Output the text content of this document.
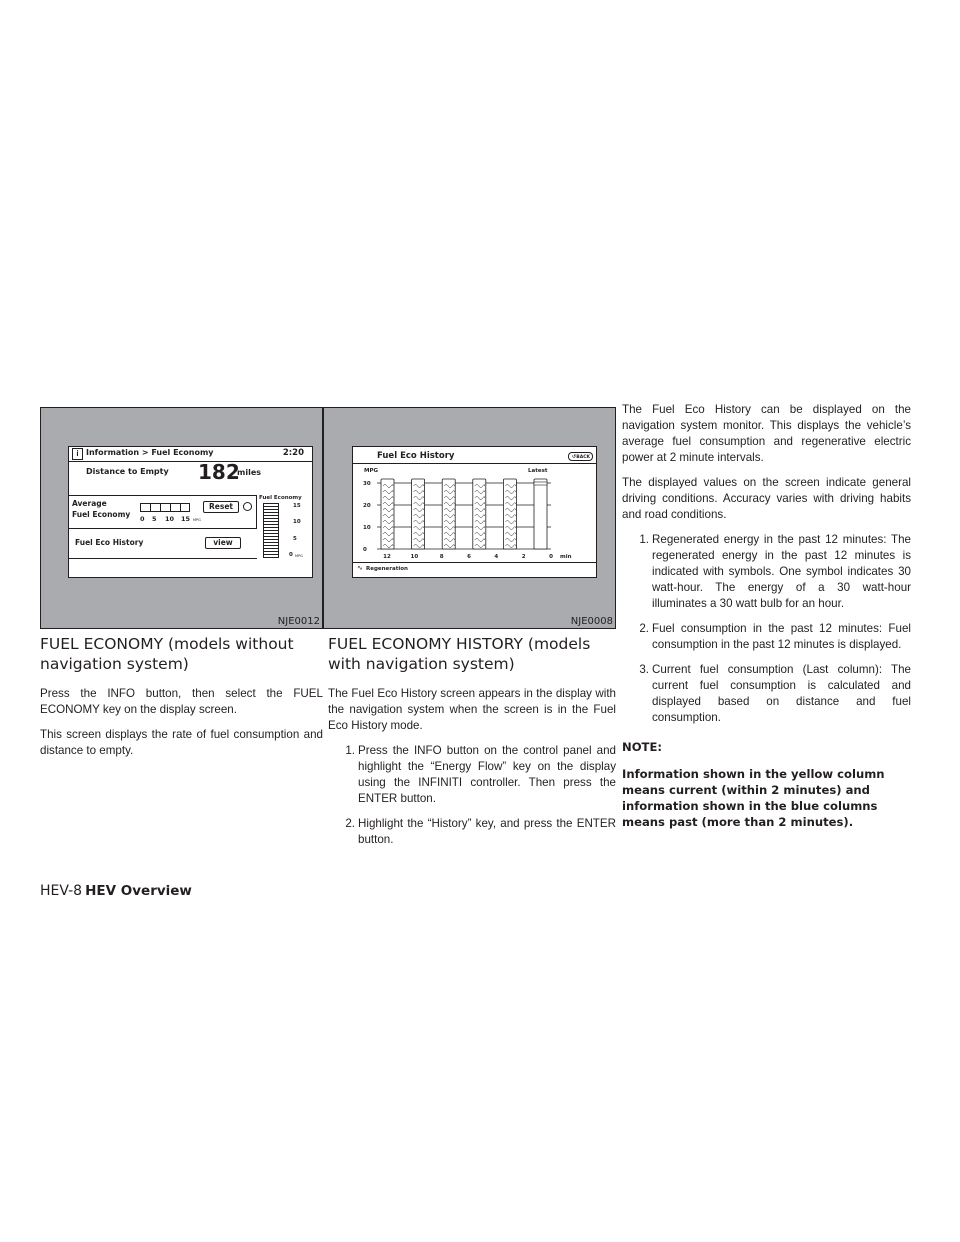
i Information > Fuel Economy	2:20
Distance to Empty 182
miles
Average
Fuel Economy 0 5 10 15 MPG
Reset
Fuel Eco History	view
Fuel Economy
15
10
5
0 MPG
NJE0012
FUEL ECONOMY (models without navigation system)

Press the INFO button, then select the FUEL ECONOMY key on the display screen.

This screen displays the rate of fuel consumption and distance to empty.

Fuel Eco History	↺ BACK
MPG	Latest
30
20
10
0
12	10	8	6	4	2	0 min
∿ Regeneration
NJE0008
FUEL ECONOMY HISTORY (models with navigation system)

The Fuel Eco History screen appears in the display with the navigation system when the screen is in the Fuel Eco History mode.

1. Press the INFO button on the control panel and highlight the “Energy Flow” key on the display using the INFINITI controller. Then press the ENTER button.
2. Highlight the “History” key, and press the ENTER button.

The Fuel Eco History can be displayed on the navigation system monitor. This displays the vehicle’s average fuel consumption and regenerative electric power at 2 minute intervals.

The displayed values on the screen indicate general driving conditions. Accuracy varies with driving habits and road conditions.

1. Regenerated energy in the past 12 minutes: The regenerated energy in the past 12 minutes is indicated with symbols. One symbol indicates 30 watt-hour. The energy of a 30 watt-hour illuminates a 30 watt bulb for an hour.
2. Fuel consumption in the past 12 minutes: Fuel consumption in the past 12 minutes is displayed.
3. Current fuel consumption (Last column): The current fuel consumption is calculated and displayed based on distance and fuel consumption.
NOTE:

Information shown in the yellow column means current (within 2 minutes) and information shown in the blue columns means past (more than 2 minutes).

HEV-8 HEV Overview
